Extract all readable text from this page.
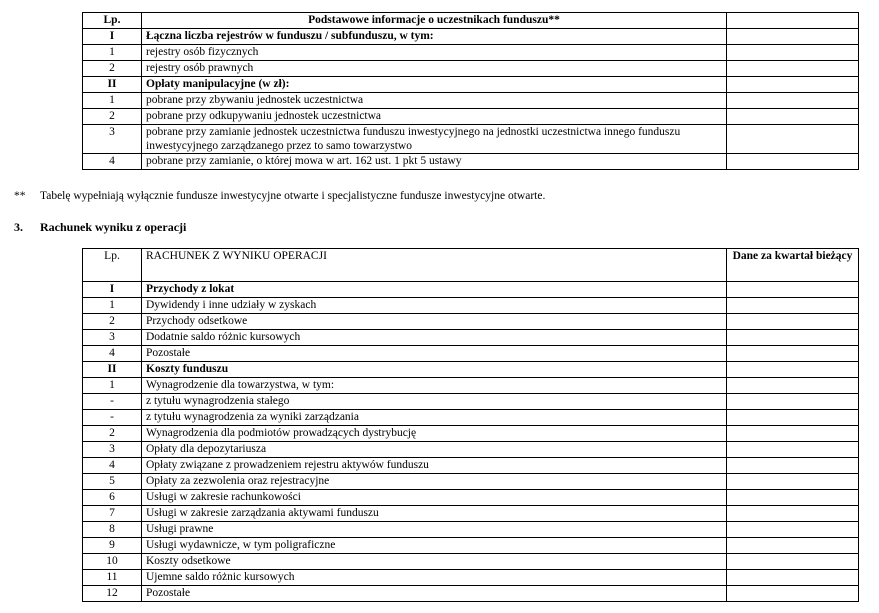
Lp.	Podstawowe informacje o uczestnikach funduszu**	
I	Łączna liczba rejestrów w funduszu / subfunduszu, w tym:	
1	rejestry osób fizycznych	
2	rejestry osób prawnych	
II	Opłaty manipulacyjne (w zł):	
1	pobrane przy zbywaniu jednostek uczestnictwa	
2	pobrane przy odkupywaniu jednostek uczestnictwa	
3	pobrane przy zamianie jednostek uczestnictwa funduszu inwestycyjnego na jednostki uczestnictwa innego funduszu inwestycyjnego zarządzanego przez to samo towarzystwo	
4	pobrane przy zamianie, o której mowa w art. 162 ust. 1 pkt 5 ustawy	
** Tabelę wypełniają wyłącznie fundusze inwestycyjne otwarte i specjalistyczne fundusze inwestycyjne otwarte.
3. Rachunek wyniku z operacji
Lp.	RACHUNEK Z WYNIKU OPERACJI	Dane za kwartał bieżący
I	Przychody z lokat	
1	Dywidendy i inne udziały w zyskach	
2	Przychody odsetkowe	
3	Dodatnie saldo różnic kursowych	
4	Pozostałe	
II	Koszty funduszu	
1	Wynagrodzenie dla towarzystwa, w tym:	
-	z tytułu wynagrodzenia stałego	
-	z tytułu wynagrodzenia za wyniki zarządzania	
2	Wynagrodzenia dla podmiotów prowadzących dystrybucję	
3	Opłaty dla depozytariusza	
4	Opłaty związane z prowadzeniem rejestru aktywów funduszu	
5	Opłaty za zezwolenia oraz rejestracyjne	
6	Usługi w zakresie rachunkowości	
7	Usługi w zakresie zarządzania aktywami funduszu	
8	Usługi prawne	
9	Usługi wydawnicze, w tym poligraficzne	
10	Koszty odsetkowe	
11	Ujemne saldo różnic kursowych	
12	Pozostałe	
